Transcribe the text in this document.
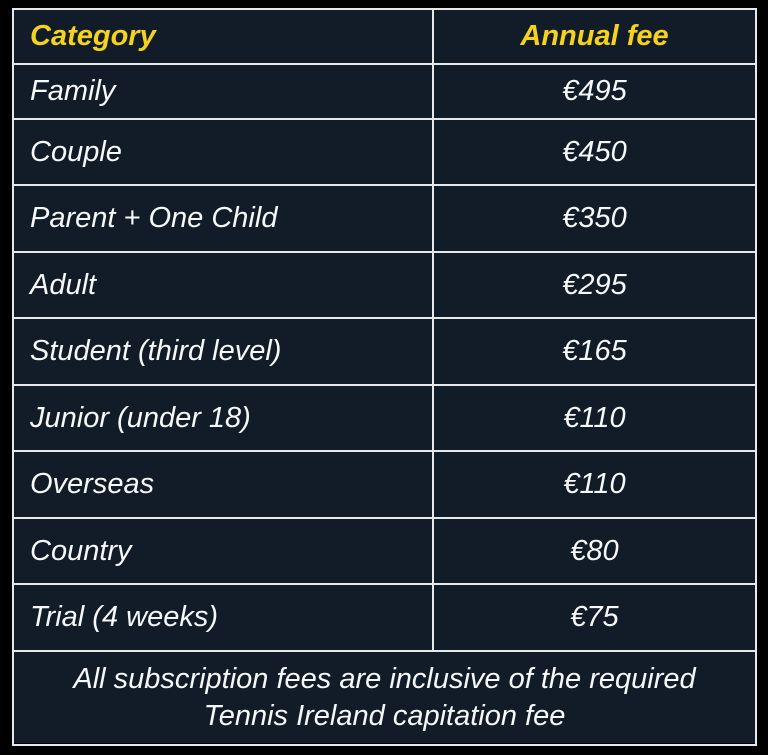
Category	Annual fee
Family	€495
Couple	€450
Parent + One Child	€350
Adult	€295
Student (third level)	€165
Junior (under 18)	€110
Overseas	€110
Country	€80
Trial (4 weeks)	€75

All subscription fees are inclusive of the required
Tennis Ireland capitation fee	
